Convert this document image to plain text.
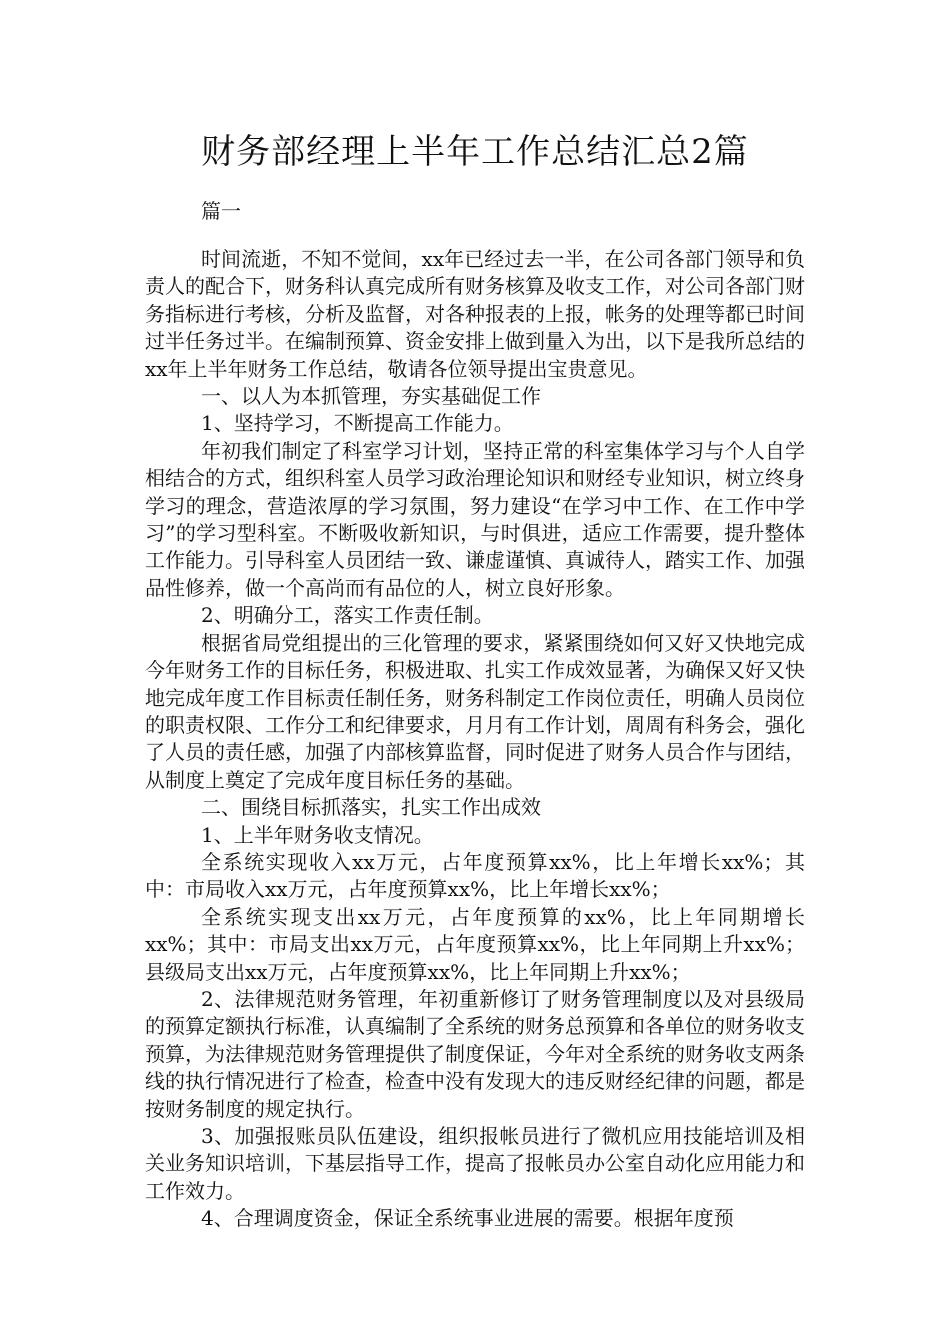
财务部经理上半年工作总结汇总2篇
篇一

时间流逝，不知不觉间，xx年已经过去一半，在公司各部门领导和负责人的配合下，财务科认真完成所有财务核算及收支工作，对公司各部门财务指标进行考核，分析及监督，对各种报表的上报，帐务的处理等都已时间过半任务过半。在编制预算、资金安排上做到量入为出，以下是我所总结的xx年上半年财务工作总结，敬请各位领导提出宝贵意见。

一、以人为本抓管理，夯实基础促工作

1、坚持学习，不断提高工作能力。

年初我们制定了科室学习计划，坚持正常的科室集体学习与个人自学相结合的方式，组织科室人员学习政治理论知识和财经专业知识，树立终身学习的理念，营造浓厚的学习氛围，努力建设“在学习中工作、在工作中学习”的学习型科室。不断吸收新知识，与时俱进，适应工作需要，提升整体工作能力。引导科室人员团结一致、谦虚谨慎、真诚待人，踏实工作、加强品性修养，做一个高尚而有品位的人，树立良好形象。

2、明确分工，落实工作责任制。

根据省局党组提出的三化管理的要求，紧紧围绕如何又好又快地完成今年财务工作的目标任务，积极进取、扎实工作成效显著，为确保又好又快地完成年度工作目标责任制任务，财务科制定工作岗位责任，明确人员岗位的职责权限、工作分工和纪律要求，月月有工作计划，周周有科务会，强化了人员的责任感，加强了内部核算监督，同时促进了财务人员合作与团结，从制度上奠定了完成年度目标任务的基础。

二、围绕目标抓落实，扎实工作出成效

1、上半年财务收支情况。

全系统实现收入xx万元，占年度预算xx%，比上年增长xx%；其中：市局收入xx万元，占年度预算xx%，比上年增长xx%；

全系统实现支出xx万元，占年度预算的xx%，比上年同期增长xx%；其中：市局支出xx万元，占年度预算xx%，比上年同期上升xx%；县级局支出xx万元，占年度预算xx%，比上年同期上升xx%；

2、法律规范财务管理，年初重新修订了财务管理制度以及对县级局的预算定额执行标准，认真编制了全系统的财务总预算和各单位的财务收支预算，为法律规范财务管理提供了制度保证，今年对全系统的财务收支两条线的执行情况进行了检查，检查中没有发现大的违反财经纪律的问题，都是按财务制度的规定执行。

3、加强报账员队伍建设，组织报帐员进行了微机应用技能培训及相关业务知识培训，下基层指导工作，提高了报帐员办公室自动化应用能力和工作效力。

4、合理调度资金，保证全系统事业进展的需要。根据年度预
